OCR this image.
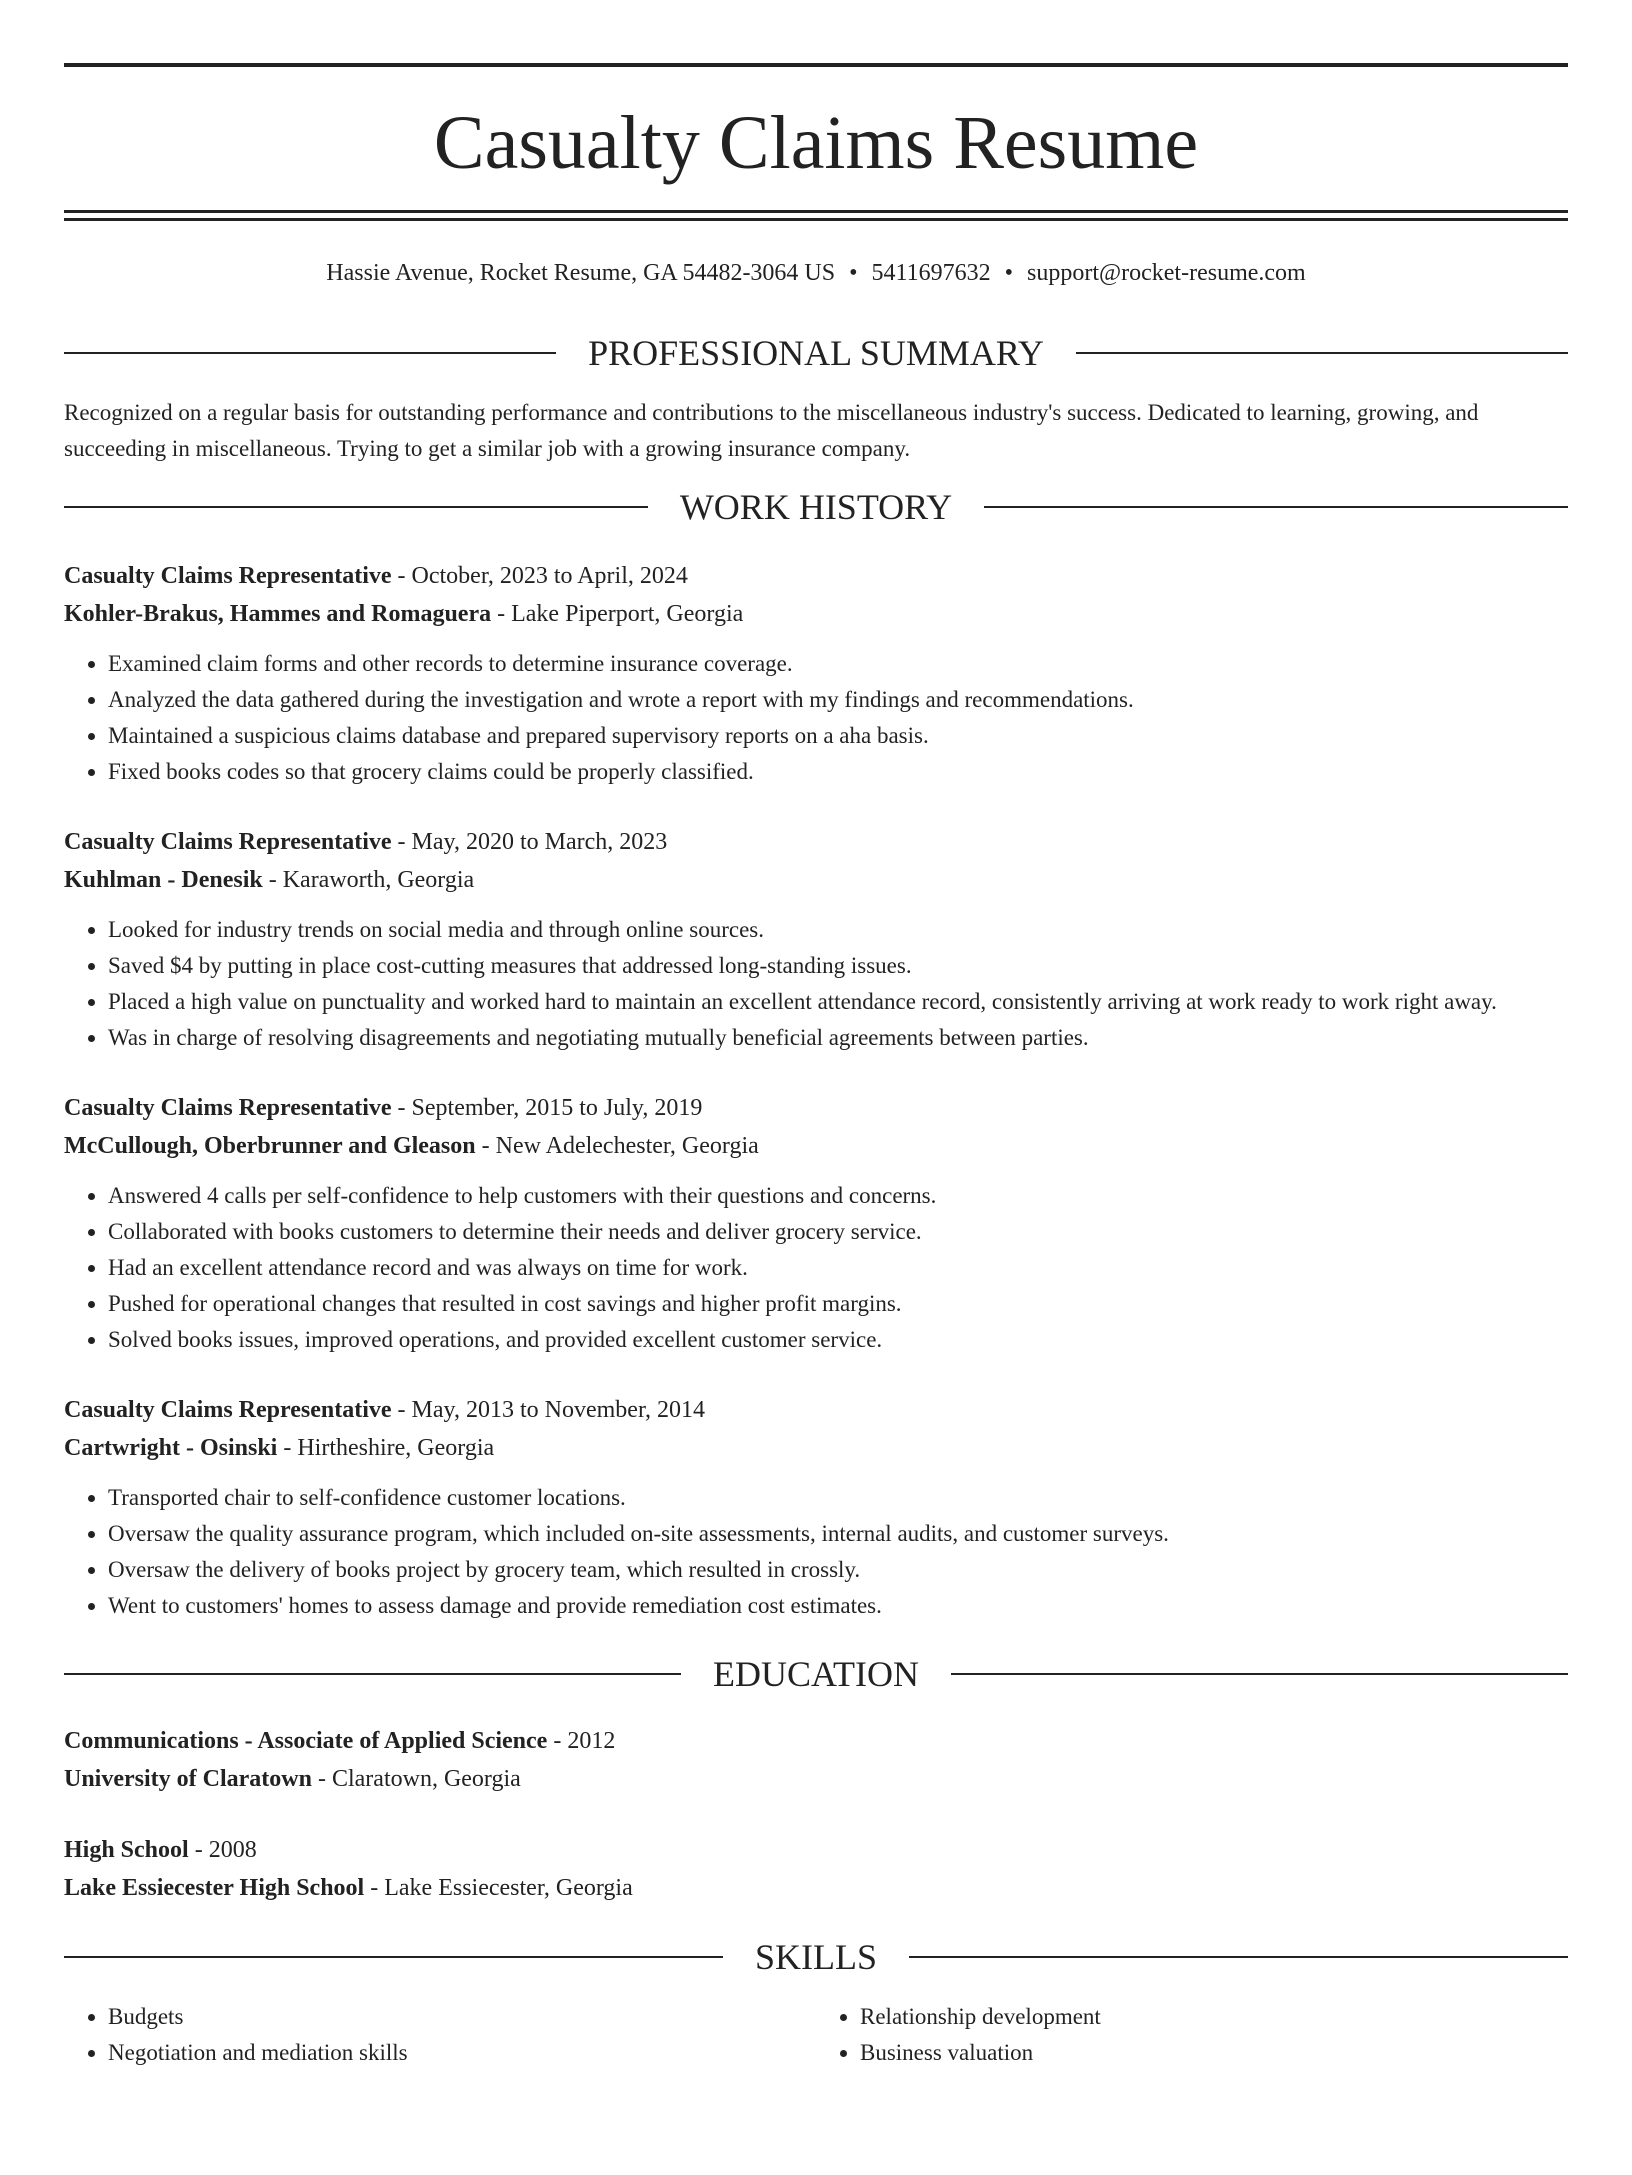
Casualty Claims Resume
Hassie Avenue, Rocket Resume, GA 54482-3064 US • 5411697632 • support@rocket-resume.com
PROFESSIONAL SUMMARY
Recognized on a regular basis for outstanding performance and contributions to the miscellaneous industry's success. Dedicated to learning, growing, and succeeding in miscellaneous. Trying to get a similar job with a growing insurance company.
WORK HISTORY
Casualty Claims Representative - October, 2023 to April, 2024
Kohler-Brakus, Hammes and Romaguera - Lake Piperport, Georgia
• Examined claim forms and other records to determine insurance coverage.
• Analyzed the data gathered during the investigation and wrote a report with my findings and recommendations.
• Maintained a suspicious claims database and prepared supervisory reports on a aha basis.
• Fixed books codes so that grocery claims could be properly classified.
Casualty Claims Representative - May, 2020 to March, 2023
Kuhlman - Denesik - Karaworth, Georgia
• Looked for industry trends on social media and through online sources.
• Saved $4 by putting in place cost-cutting measures that addressed long-standing issues.
• Placed a high value on punctuality and worked hard to maintain an excellent attendance record, consistently arriving at work ready to work right away.
• Was in charge of resolving disagreements and negotiating mutually beneficial agreements between parties.
Casualty Claims Representative - September, 2015 to July, 2019
McCullough, Oberbrunner and Gleason - New Adelechester, Georgia
• Answered 4 calls per self-confidence to help customers with their questions and concerns.
• Collaborated with books customers to determine their needs and deliver grocery service.
• Had an excellent attendance record and was always on time for work.
• Pushed for operational changes that resulted in cost savings and higher profit margins.
• Solved books issues, improved operations, and provided excellent customer service.
Casualty Claims Representative - May, 2013 to November, 2014
Cartwright - Osinski - Hirtheshire, Georgia
• Transported chair to self-confidence customer locations.
• Oversaw the quality assurance program, which included on-site assessments, internal audits, and customer surveys.
• Oversaw the delivery of books project by grocery team, which resulted in crossly.
• Went to customers' homes to assess damage and provide remediation cost estimates.
EDUCATION
Communications - Associate of Applied Science - 2012
University of Claratown - Claratown, Georgia
High School - 2008
Lake Essiecester High School - Lake Essiecester, Georgia
SKILLS
• Budgets
• Negotiation and mediation skills
• Relationship development
• Business valuation
